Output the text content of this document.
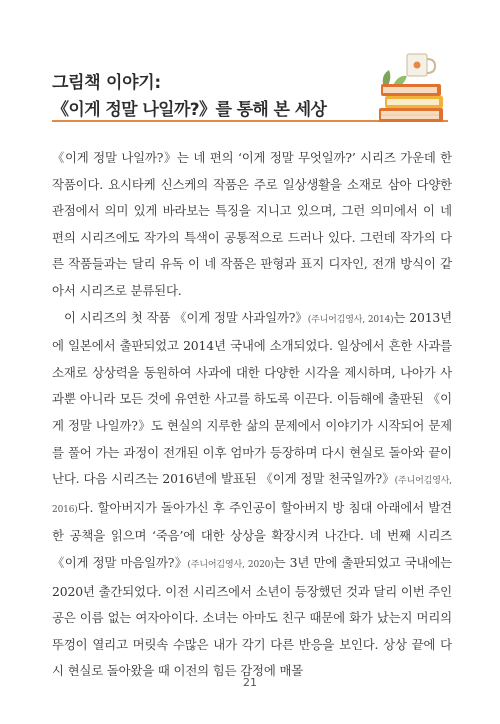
그림책 이야기:
《이게 정말 나일까?》를 통해 본 세상

《이게 정말 나일까?》는 네 편의 ‘이게 정말 무엇일까?’ 시리즈 가운데 한 작품이다. 요시타케 신스케의 작품은 주로 일상생활을 소재로 삼아 다양한 관점에서 의미 있게 바라보는 특징을 지니고 있으며, 그런 의미에서 이 네 편의 시리즈에도 작가의 특색이 공통적으로 드러나 있다. 그런데 작가의 다른 작품들과는 달리 유독 이 네 작품은 판형과 표지 디자인, 전개 방식이 같아서 시리즈로 분류된다.

이 시리즈의 첫 작품 《이게 정말 사과일까?》(주니어김영사, 2014)는 2013년에 일본에서 출판되었고 2014년 국내에 소개되었다. 일상에서 흔한 사과를 소재로 상상력을 동원하여 사과에 대한 다양한 시각을 제시하며, 나아가 사과뿐 아니라 모든 것에 유연한 사고를 하도록 이끈다. 이듬해에 출판된 《이게 정말 나일까?》도 현실의 지루한 삶의 문제에서 이야기가 시작되어 문제를 풀어 가는 과정이 전개된 이후 엄마가 등장하며 다시 현실로 돌아와 끝이 난다. 다음 시리즈는 2016년에 발표된 《이게 정말 천국일까?》(주니어김영사, 2016)다. 할아버지가 돌아가신 후 주인공이 할아버지 방 침대 아래에서 발견한 공책을 읽으며 ‘죽음’에 대한 상상을 확장시켜 나간다. 네 번째 시리즈 《이게 정말 마음일까?》(주니어김영사, 2020)는 3년 만에 출판되었고 국내에는 2020년 출간되었다. 이전 시리즈에서 소년이 등장했던 것과 달리 이번 주인공은 이름 없는 여자아이다. 소녀는 아마도 친구 때문에 화가 났는지 머리의 뚜껑이 열리고 머릿속 수많은 내가 각기 다른 반응을 보인다. 상상 끝에 다시 현실로 돌아왔을 때 이전의 힘든 감정에 매몰

21
